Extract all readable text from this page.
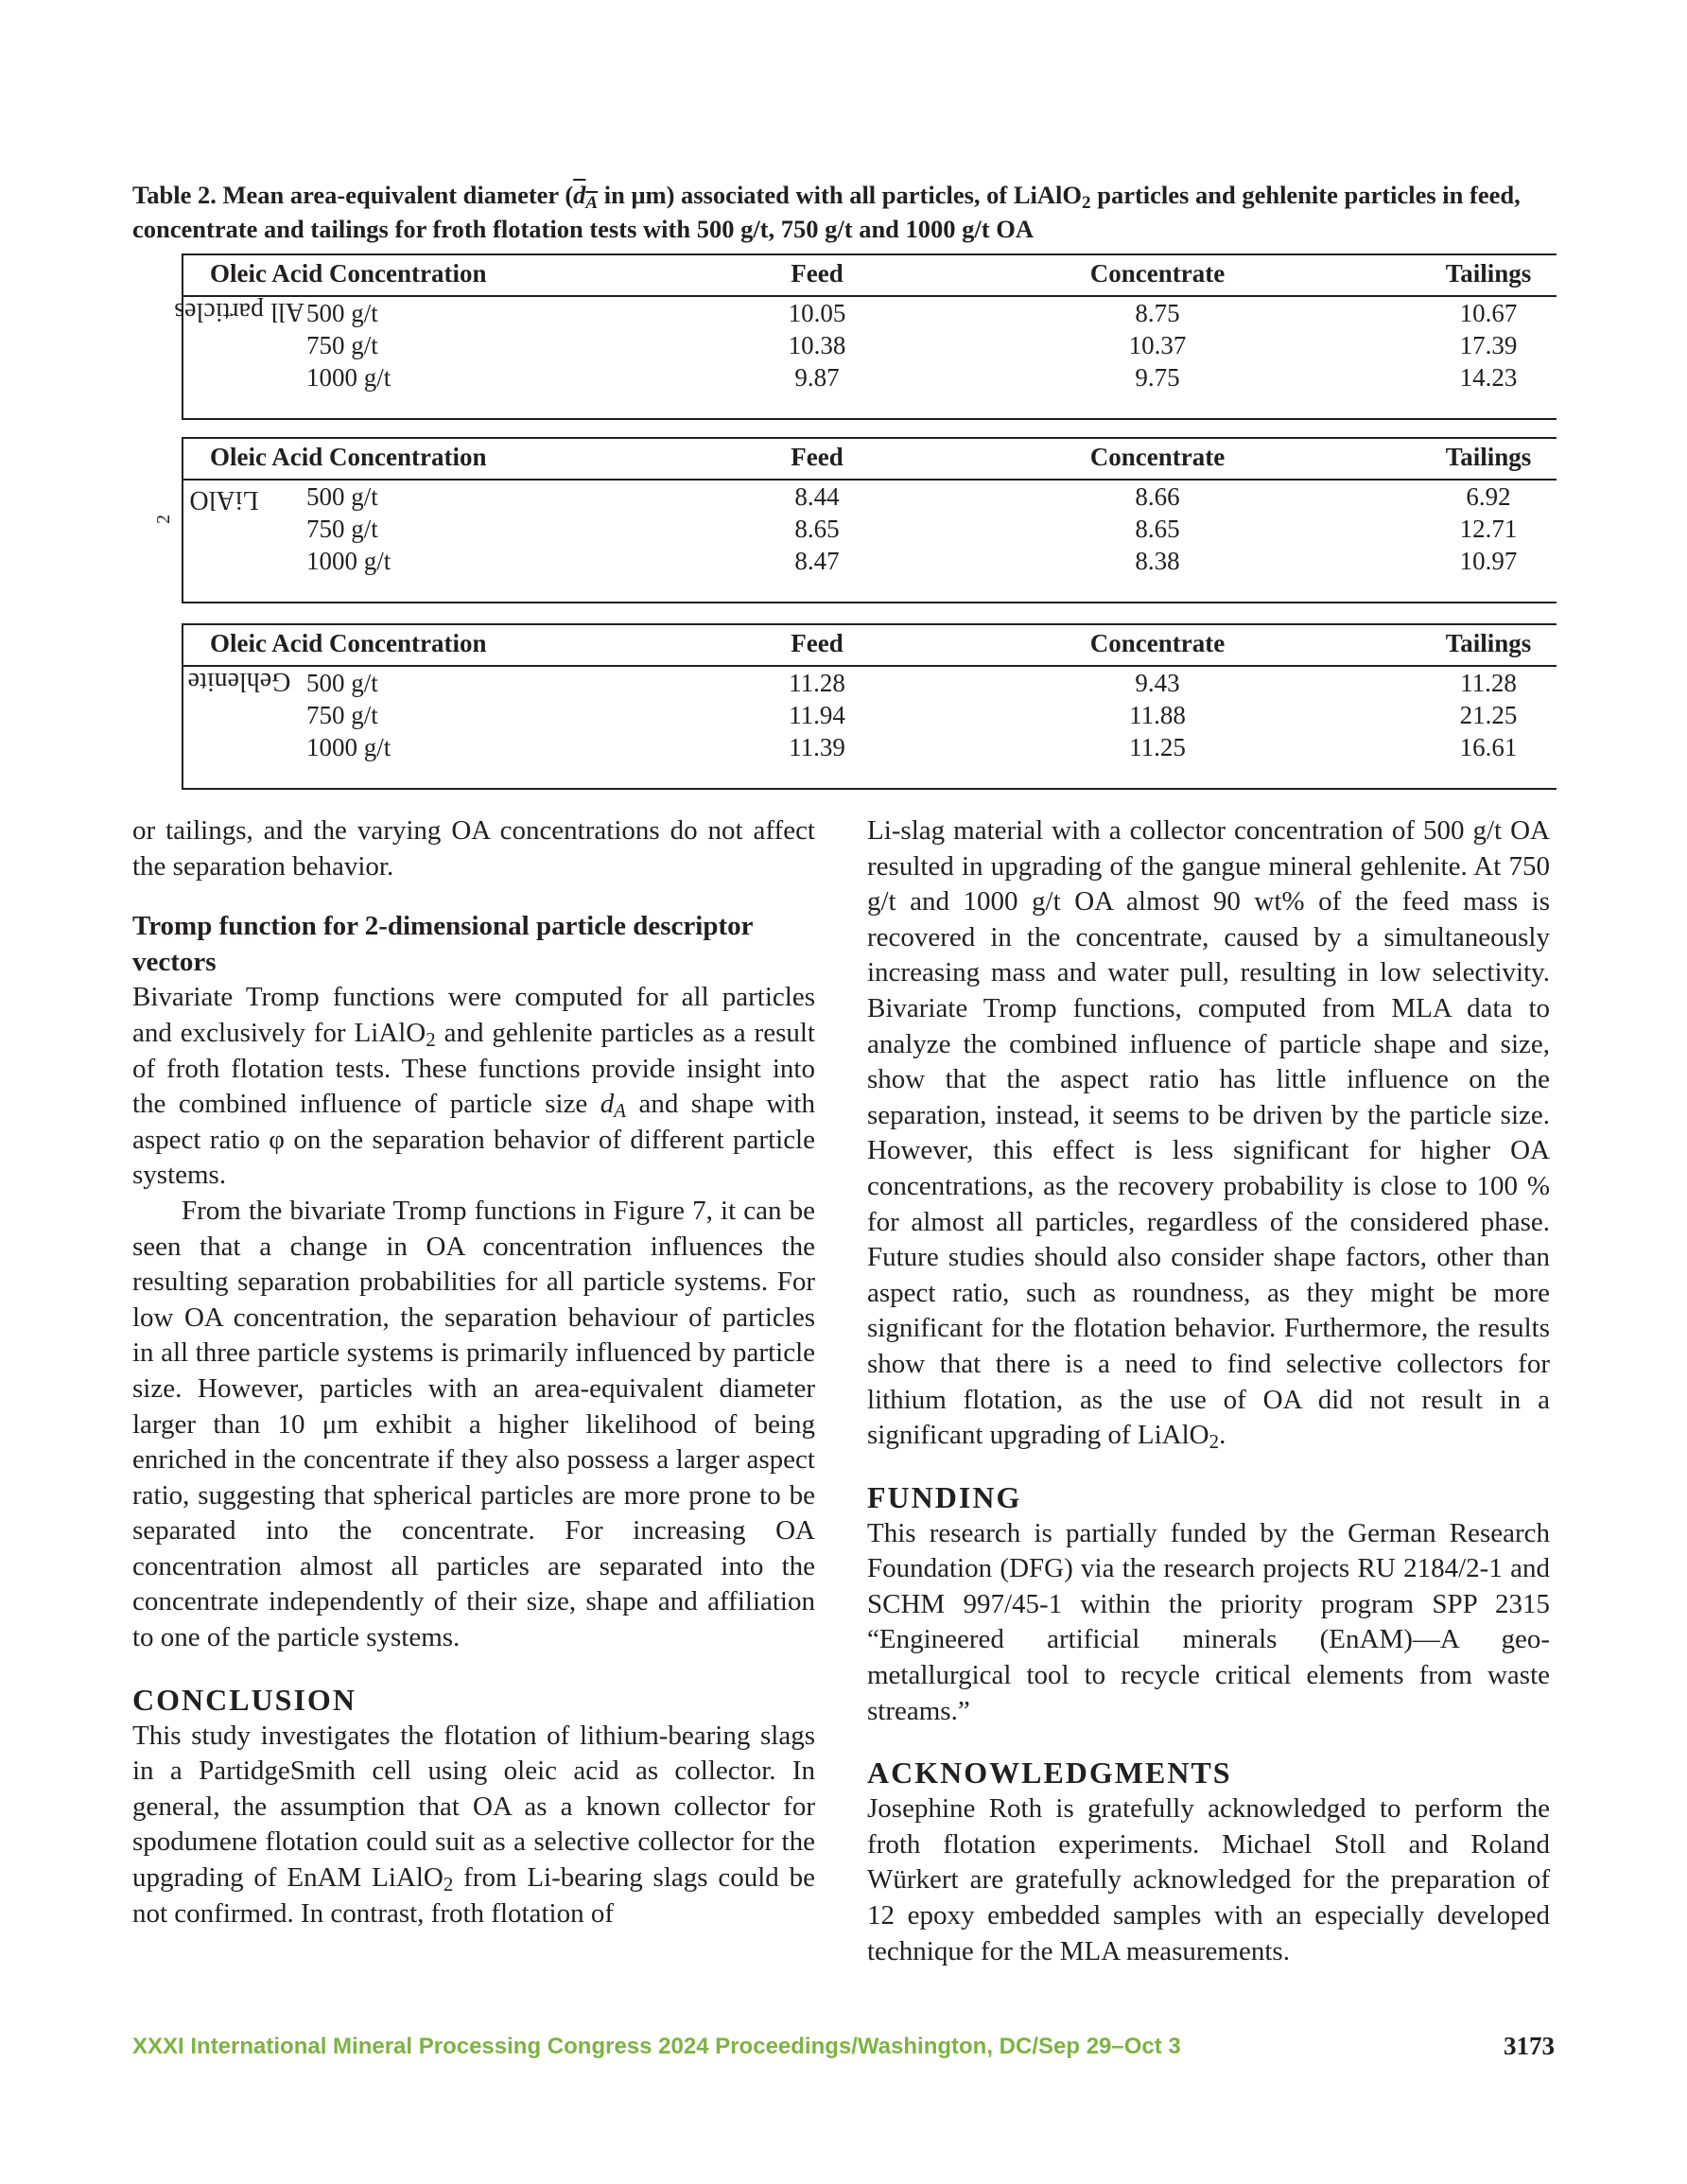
Table 2. Mean area-equivalent diameter ($d_A$ in μm) associated with all particles, of LiAlO$_2$ particles and gehlenite particles in feed, concentrate and tailings for froth flotation tests with 500 g/t, 750 g/t and 1000 g/t OA

All particles
Oleic Acid Concentration	Feed	Concentrate	Tailings
500 g/t	10.05	8.75	10.67
750 g/t	10.38	10.37	17.39
1000 g/t	9.87	9.75	14.23
LiAlO
$_2$
Oleic Acid Concentration	Feed	Concentrate	Tailings
500 g/t	8.44	8.66	6.92
750 g/t	8.65	8.65	12.71
1000 g/t	8.47	8.38	10.97
Gehlenite
Oleic Acid Concentration	Feed	Concentrate	Tailings
500 g/t	11.28	9.43	11.28
750 g/t	11.94	11.88	21.25
1000 g/t	11.39	11.25	16.61

or tailings, and the varying OA concentrations do not affect the separation behavior.

Tromp function for 2-dimensional particle descriptor vectors

Bivariate Tromp functions were computed for all particles and exclusively for LiAlO$_2$ and gehlenite particles as a result of froth flotation tests. These functions provide insight into the combined influence of particle size $d_A$ and shape with aspect ratio φ on the separation behavior of different particle systems.

From the bivariate Tromp functions in Figure 7, it can be seen that a change in OA concentration influences the resulting separation probabilities for all particle systems. For low OA concentration, the separation behaviour of particles in all three particle systems is primarily influenced by particle size. However, particles with an area-equivalent diameter larger than 10 μm exhibit a higher likelihood of being enriched in the concentrate if they also possess a larger aspect ratio, suggesting that spherical particles are more prone to be separated into the concentrate. For increasing OA concentration almost all particles are separated into the concentrate independently of their size, shape and affiliation to one of the particle systems.

CONCLUSION

This study investigates the flotation of lithium-bearing slags in a PartidgeSmith cell using oleic acid as collector. In general, the assumption that OA as a known collector for spodumene flotation could suit as a selective collector for the upgrading of EnAM LiAlO$_2$ from Li-bearing slags could be not confirmed. In contrast, froth flotation of

Li-slag material with a collector concentration of 500 g/t OA resulted in upgrading of the gangue mineral gehlenite. At 750 g/t and 1000 g/t OA almost 90 wt% of the feed mass is recovered in the concentrate, caused by a simultaneously increasing mass and water pull, resulting in low selectivity. Bivariate Tromp functions, computed from MLA data to analyze the combined influence of particle shape and size, show that the aspect ratio has little influence on the separation, instead, it seems to be driven by the particle size. However, this effect is less significant for higher OA concentrations, as the recovery probability is close to 100 % for almost all particles, regardless of the considered phase. Future studies should also consider shape factors, other than aspect ratio, such as roundness, as they might be more significant for the flotation behavior. Furthermore, the results show that there is a need to find selective collectors for lithium flotation, as the use of OA did not result in a significant upgrading of LiAlO$_2$.

FUNDING

This research is partially funded by the German Research Foundation (DFG) via the research projects RU 2184/2-1 and SCHM 997/45-1 within the priority program SPP 2315 “Engineered artificial minerals (EnAM)—A geo-metallurgical tool to recycle critical elements from waste streams.”

ACKNOWLEDGMENTS

Josephine Roth is gratefully acknowledged to perform the froth flotation experiments. Michael Stoll and Roland Würkert are gratefully acknowledged for the preparation of 12 epoxy embedded samples with an especially developed technique for the MLA measurements.

XXXI International Mineral Processing Congress 2024 Proceedings/Washington, DC/Sep 29–Oct 3	3173
